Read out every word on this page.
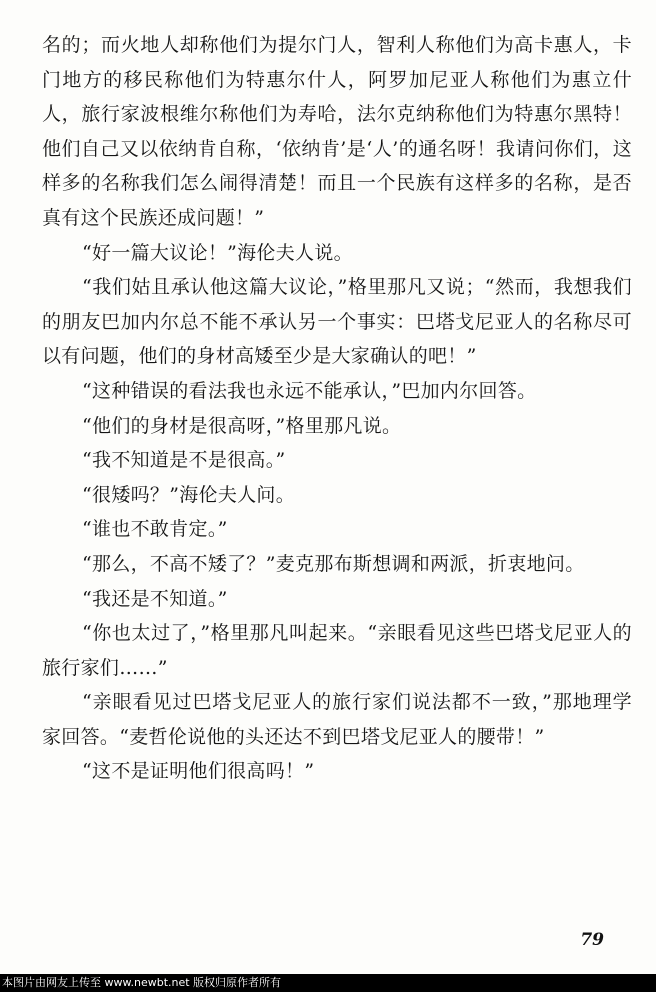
名的；而火地人却称他们为提尔门人，智利人称他们为高卡惠人，卡门地方的移民称他们为特惠尔什人，阿罗加尼亚人称他们为惠立什人，旅行家波根维尔称他们为寿哈，法尔克纳称他们为特惠尔黑特！他们自己又以依纳肯自称，‘依纳肯’是‘人’的通名呀！我请问你们，这样多的名称我们怎么闹得清楚！而且一个民族有这样多的名称，是否真有这个民族还成问题！”

“好一篇大议论！”海伦夫人说。

“我们姑且承认他这篇大议论，”格里那凡又说；“然而，我想我们的朋友巴加内尔总不能不承认另一个事实：巴塔戈尼亚人的名称尽可以有问题，他们的身材高矮至少是大家确认的吧！”

“这种错误的看法我也永远不能承认，”巴加内尔回答。

“他们的身材是很高呀，”格里那凡说。

“我不知道是不是很高。”

“很矮吗？”海伦夫人问。

“谁也不敢肯定。”

“那么，不高不矮了？”麦克那布斯想调和两派，折衷地问。

“我还是不知道。”

“你也太过了，”格里那凡叫起来。“亲眼看见这些巴塔戈尼亚人的旅行家们……”

“亲眼看见过巴塔戈尼亚人的旅行家们说法都不一致，”那地理学家回答。“麦哲伦说他的头还达不到巴塔戈尼亚人的腰带！”

“这不是证明他们很高吗！”

79
本图片由网友上传至 www.newbt.net 版权归原作者所有
